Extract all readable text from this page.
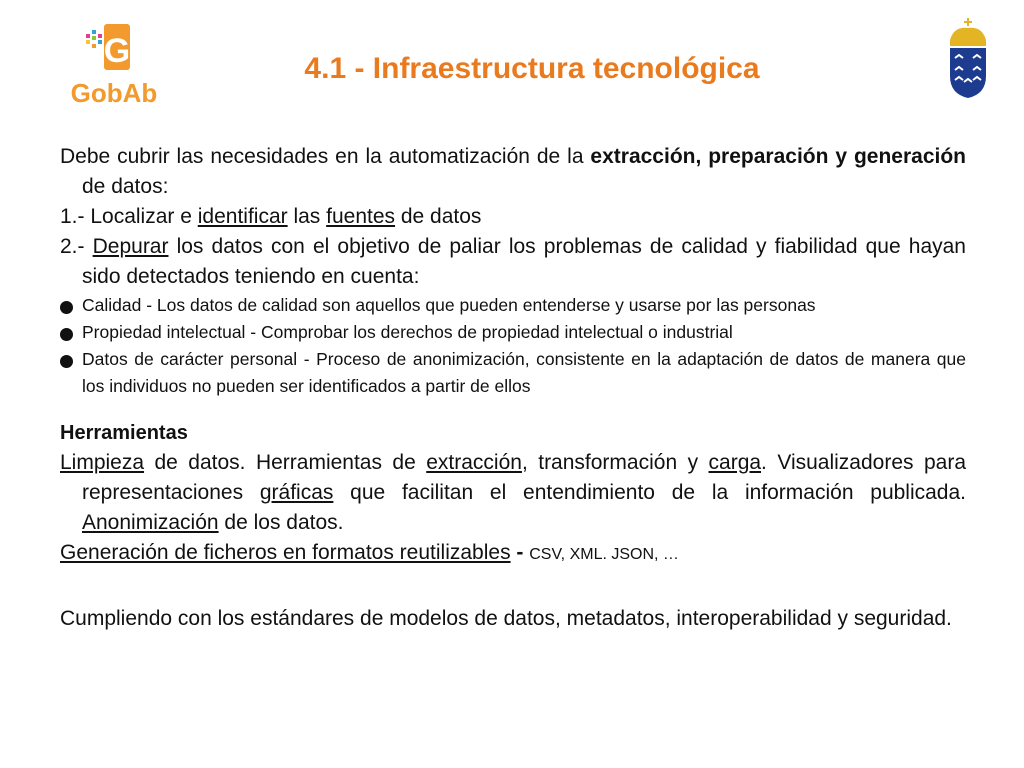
G
GobAb
4.1 - Infraestructura tecnológica

Debe cubrir las necesidades en la automatización de la extracción, preparación y generación de datos:

1.- Localizar e identificar las fuentes de datos

2.- Depurar los datos con el objetivo de paliar los problemas de calidad y fiabilidad que hayan sido detectados teniendo en cuenta:

Calidad - Los datos de calidad son aquellos que pueden entenderse y usarse por las personas

Propiedad intelectual - Comprobar los derechos de propiedad intelectual o industrial

Datos de carácter personal - Proceso de anonimización, consistente en la adaptación de datos de manera que los individuos no pueden ser identificados a partir de ellos

Herramientas

Limpieza de datos. Herramientas de extracción, transformación y carga. Visualizadores para representaciones gráficas que facilitan el entendimiento de la información publicada. Anonimización de los datos.

Generación de ficheros en formatos reutilizables - CSV, XML. JSON, …

Cumpliendo con los estándares de modelos de datos, metadatos, interoperabilidad y seguridad.
